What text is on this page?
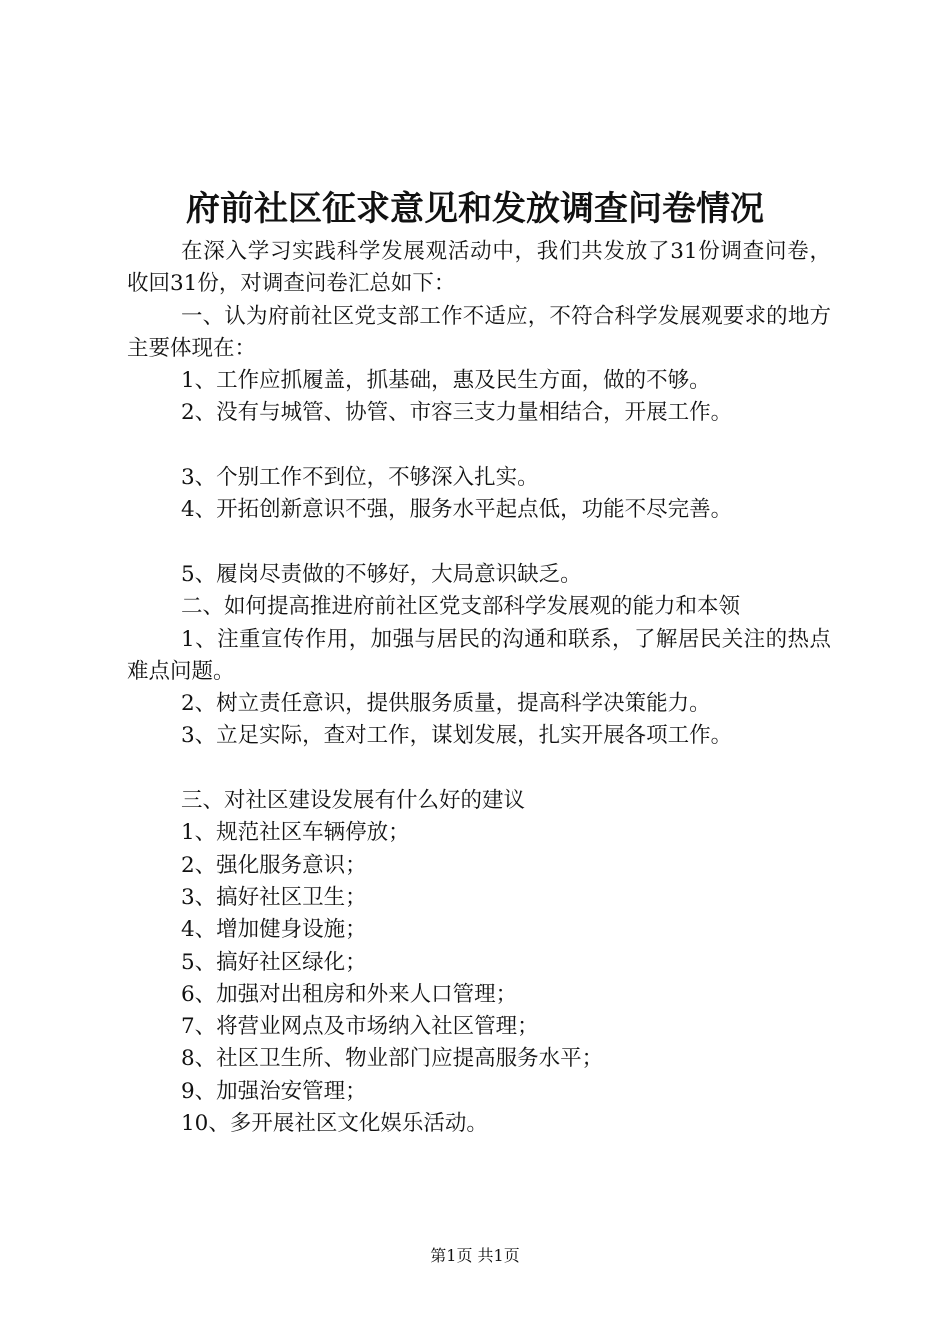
府前社区征求意见和发放调查问卷情况

在深入学习实践科学发展观活动中，我们共发放了31份调查问卷，收回31份，对调查问卷汇总如下：

一、认为府前社区党支部工作不适应，不符合科学发展观要求的地方主要体现在：

1、工作应抓履盖，抓基础，惠及民生方面，做的不够。

2、没有与城管、协管、市容三支力量相结合，开展工作。

3、个别工作不到位，不够深入扎实。

4、开拓创新意识不强，服务水平起点低，功能不尽完善。

5、履岗尽责做的不够好，大局意识缺乏。

二、如何提高推进府前社区党支部科学发展观的能力和本领

1、注重宣传作用，加强与居民的沟通和联系，了解居民关注的热点难点问题。

2、树立责任意识，提供服务质量，提高科学决策能力。

3、立足实际，查对工作，谋划发展，扎实开展各项工作。

三、对社区建设发展有什么好的建议

1、规范社区车辆停放；

2、强化服务意识；

3、搞好社区卫生；

4、增加健身设施；

5、搞好社区绿化；

6、加强对出租房和外来人口管理；

7、将营业网点及市场纳入社区管理；

8、社区卫生所、物业部门应提高服务水平；

9、加强治安管理；

10、多开展社区文化娱乐活动。

第1页 共1页
